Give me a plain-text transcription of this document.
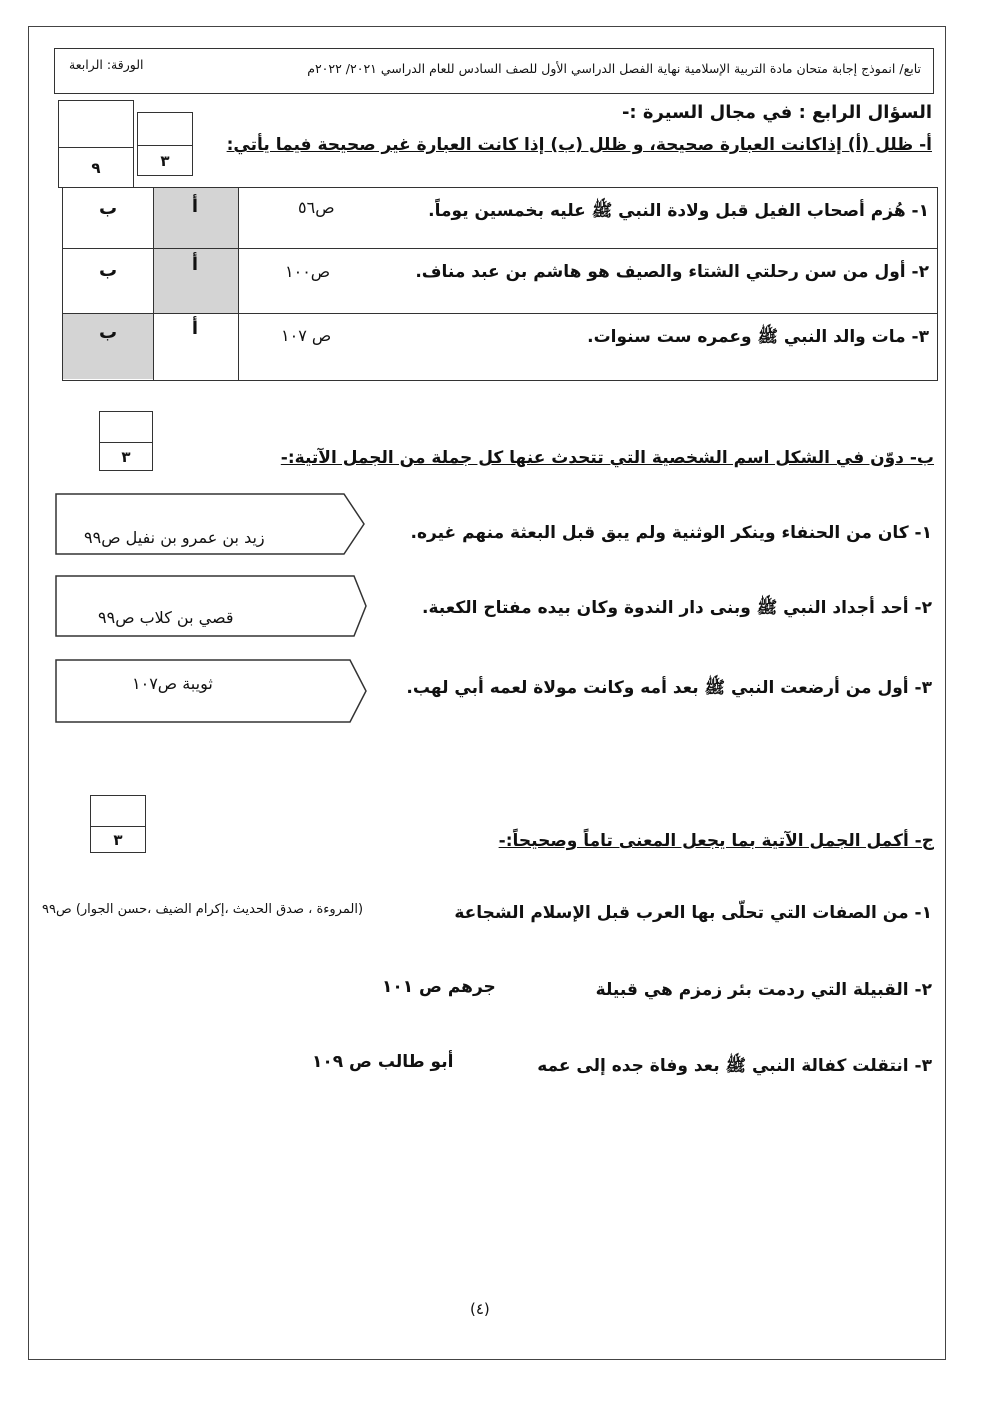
تابع/ انموذج إجابة متحان مادة التربية الإسلامية نهاية الفصل الدراسي الأول للصف السادس للعام الدراسي ٢٠٢١/ ٢٠٢٢م
الورقة: الرابعة
السؤال الرابع : في مجال السيرة :-
٩	٣
أ- ظلل (أ) إذاكانت العبارة صحيحة، و ظلل (ب) إذا كانت العبارة غير صحيحة فيما يأتي:
ب	أ	ص٥٦	١- هُزم أصحاب الفيل قبل ولادة النبي ﷺ عليه بخمسين يوماً.
ب	أ	ص١٠٠	٢- أول من سن رحلتي الشتاء والصيف هو هاشم بن عبد مناف.
ب	أ	ص ١٠٧	٣- مات والد النبي ﷺ وعمره ست سنوات.
٣	ب- دوّن في الشكل اسم الشخصية التي تتحدث عنها كل جملة من الجمل الآتية:-
زيد بن عمرو بن نفيل ص٩٩	١- كان من الحنفاء وينكر الوثنية ولم يبق قبل البعثة منهم غيره.
قصي بن كلاب ص٩٩	٢- أحد أجداد النبي ﷺ وبنى دار الندوة وكان بيده مفتاح الكعبة.
ثويبة ص١٠٧	٣- أول من أرضعت النبي ﷺ بعد أمه وكانت مولاة لعمه أبي لهب.
٣	ج- أكمل الجمل الآتية بما يجعل المعنى تاماً وصحيحاً:-
١- من الصفات التي تحلّى بها العرب قبل الإسلام الشجاعة
(المروءة ، صدق الحديث ،إكرام الضيف ،حسن الجوار) ص٩٩
٢- القبيلة التي ردمت بئر زمزم هي قبيلة
جرهم ص ١٠١
٣- انتقلت كفالة النبي ﷺ بعد وفاة جده إلى عمه
أبو طالب ص ١٠٩
(٤)
